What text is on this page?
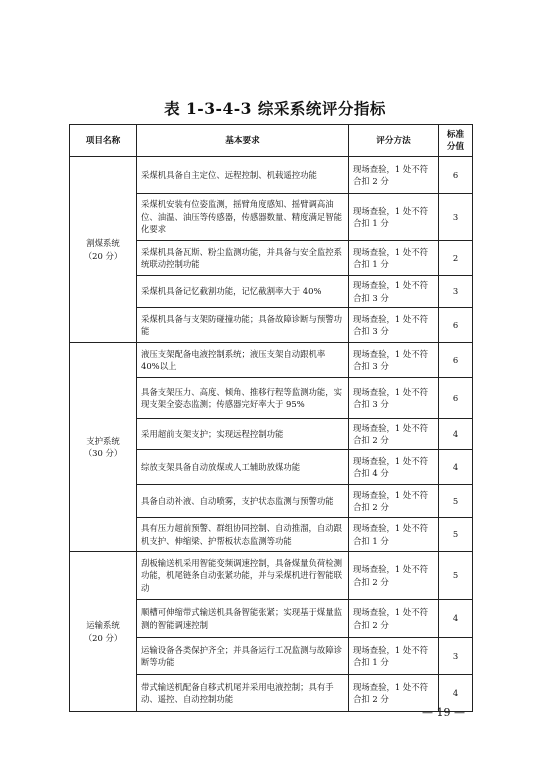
表 1-3-4-3 综采系统评分指标
项目名称	基本要求	评分方法	标准
分值
割煤系统
（20 分）	采煤机具备自主定位、远程控制、机载遥控功能	现场查验，1 处不符合扣 2 分	6
	采煤机安装有位姿监测，摇臂角度感知、摇臂调高油位、油温、油压等传感器，传感器数量、精度满足智能化要求	现场查验，1 处不符合扣 1 分	3
	采煤机具备瓦斯、粉尘监测功能，并具备与安全监控系统联动控制功能	现场查验，1 处不符合扣 1 分	2
	采煤机具备记忆截割功能，记忆截割率大于 40%	现场查验，1 处不符合扣 3 分	3
	采煤机具备与支架防碰撞功能；具备故障诊断与预警功能	现场查验，1 处不符合扣 3 分	6
支护系统
（30 分）	液压支架配备电液控制系统；液压支架自动跟机率 40%以上	现场查验，1 处不符合扣 3 分	6
	具备支架压力、高度、倾角、推移行程等监测功能，实现支架全姿态监测；传感器完好率大于 95%	现场查验，1 处不符合扣 3 分	6
	采用超前支架支护；实现远程控制功能	现场查验，1 处不符合扣 2 分	4
	综放支架具备自动放煤或人工辅助放煤功能	现场查验，1 处不符合扣 4 分	4
	具备自动补液、自动喷雾，支护状态监测与预警功能	现场查验，1 处不符合扣 2 分	5
	具有压力超前预警、群组协同控制、自动推溜，自动跟机支护、伸缩梁、护帮板状态监测等功能	现场查验，1 处不符合扣 1 分	5
运输系统
（20 分）	刮板输送机采用智能变频调速控制，具备煤量负荷检测功能，机尾链条自动张紧功能，并与采煤机进行智能联动	现场查验，1 处不符合扣 2 分	5
	顺槽可伸缩带式输送机具备智能张紧；实现基于煤量监测的智能调速控制	现场查验，1 处不符合扣 2 分	4
	运输设备各类保护齐全；并具备运行工况监测与故障诊断等功能	现场查验，1 处不符合扣 1 分	3
	带式输送机配备自移式机尾并采用电液控制；具有手动、遥控、自动控制功能	现场查验，1 处不符合扣 2 分	4
— 19 —
